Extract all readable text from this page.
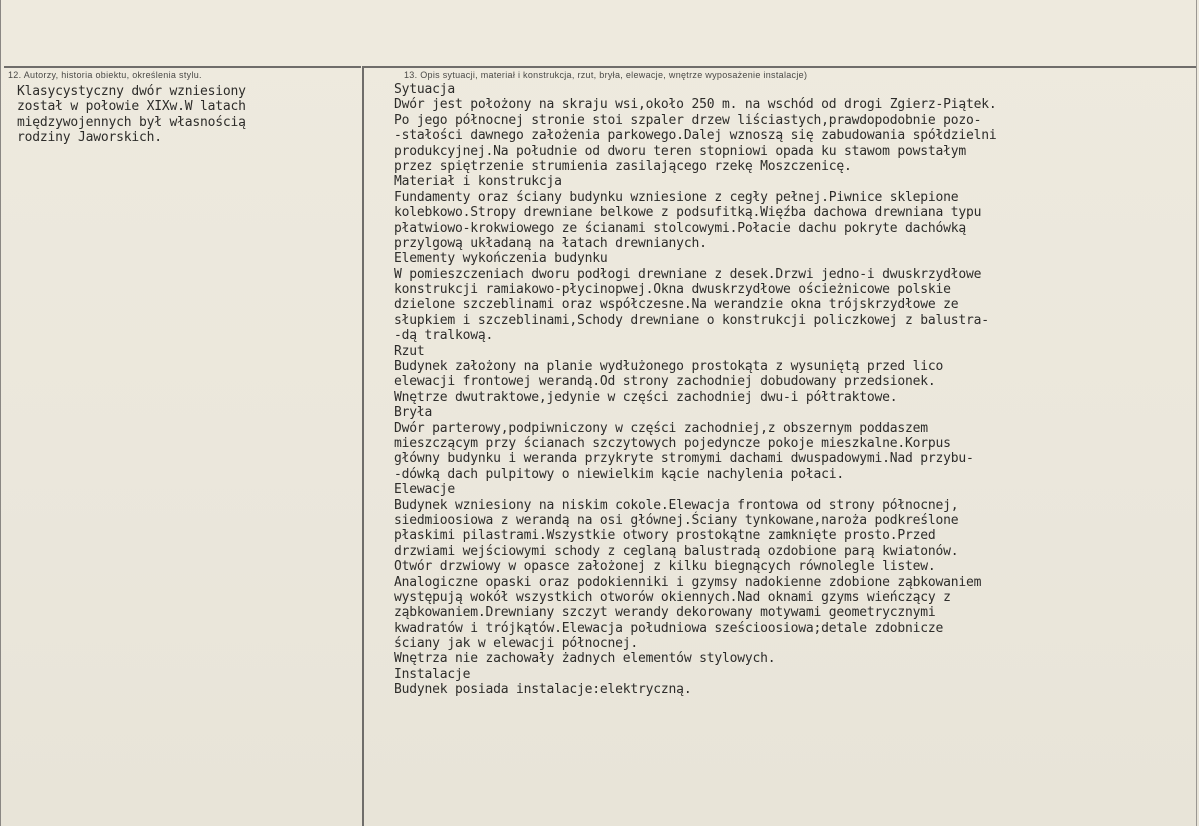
12. Autorzy, historia obiektu, określenia stylu.	13. Opis sytuacji, materiał i konstrukcja, rzut, bryła, elewacje, wnętrze wyposażenie instalacje)
Klasycystyczny dwór wzniesiony
został w połowie XIXw.W latach
międzywojennych był własnością
rodziny Jaworskich.
Sytuacja
Dwór jest położony na skraju wsi,około 250 m. na wschód od drogi Zgierz-Piątek.
Po jego północnej stronie stoi szpaler drzew liściastych,prawdopodobnie pozo-
-stałości dawnego założenia parkowego.Dalej wznoszą się zabudowania spółdzielni
produkcyjnej.Na południe od dworu teren stopniowi opada ku stawom powstałym
przez spiętrzenie strumienia zasilającego rzekę Moszczenicę.
Materiał i konstrukcja
Fundamenty oraz ściany budynku wzniesione z cegły pełnej.Piwnice sklepione
kolebkowo.Stropy drewniane belkowe z podsufitką.Więźba dachowa drewniana typu
płatwiowo-krokwiowego ze ścianami stolcowymi.Połacie dachu pokryte dachówką
przylgową układaną na łatach drewnianych.
Elementy wykończenia budynku
W pomieszczeniach dworu podłogi drewniane z desek.Drzwi jedno-i dwuskrzydłowe
konstrukcji ramiakowo-płycinopwej.Okna dwuskrzydłowe ościeżnicowe polskie
dzielone szczeblinami oraz współczesne.Na werandzie okna trójskrzydłowe ze
słupkiem i szczeblinami,Schody drewniane o konstrukcji policzkowej z balustra-
-dą tralkową.
Rzut
Budynek założony na planie wydłużonego prostokąta z wysuniętą przed lico
elewacji frontowej werandą.Od strony zachodniej dobudowany przedsionek.
Wnętrze dwutraktowe,jedynie w części zachodniej dwu-i półtraktowe.
Bryła
Dwór parterowy,podpiwniczony w części zachodniej,z obszernym poddaszem
mieszczącym przy ścianach szczytowych pojedyncze pokoje mieszkalne.Korpus
główny budynku i weranda przykryte stromymi dachami dwuspadowymi.Nad przybu-
-dówką dach pulpitowy o niewielkim kącie nachylenia połaci.
Elewacje
Budynek wzniesiony na niskim cokole.Elewacja frontowa od strony północnej,
siedmioosiowa z werandą na osi głównej.Ściany tynkowane,naroża podkreślone
płaskimi pilastrami.Wszystkie otwory prostokątne zamknięte prosto.Przed
drzwiami wejściowymi schody z ceglaną balustradą ozdobione parą kwiatonów.
Otwór drzwiowy w opasce założonej z kilku biegnących równolegle listew.
Analogiczne opaski oraz podokienniki i gzymsy nadokienne zdobione ząbkowaniem
występują wokół wszystkich otworów okiennych.Nad oknami gzyms wieńczący z
ząbkowaniem.Drewniany szczyt werandy dekorowany motywami geometrycznymi
kwadratów i trójkątów.Elewacja południowa sześcioosiowa;detale zdobnicze
ściany jak w elewacji północnej.
Wnętrza nie zachowały żadnych elementów stylowych.
Instalacje
Budynek posiada instalacje:elektryczną.
